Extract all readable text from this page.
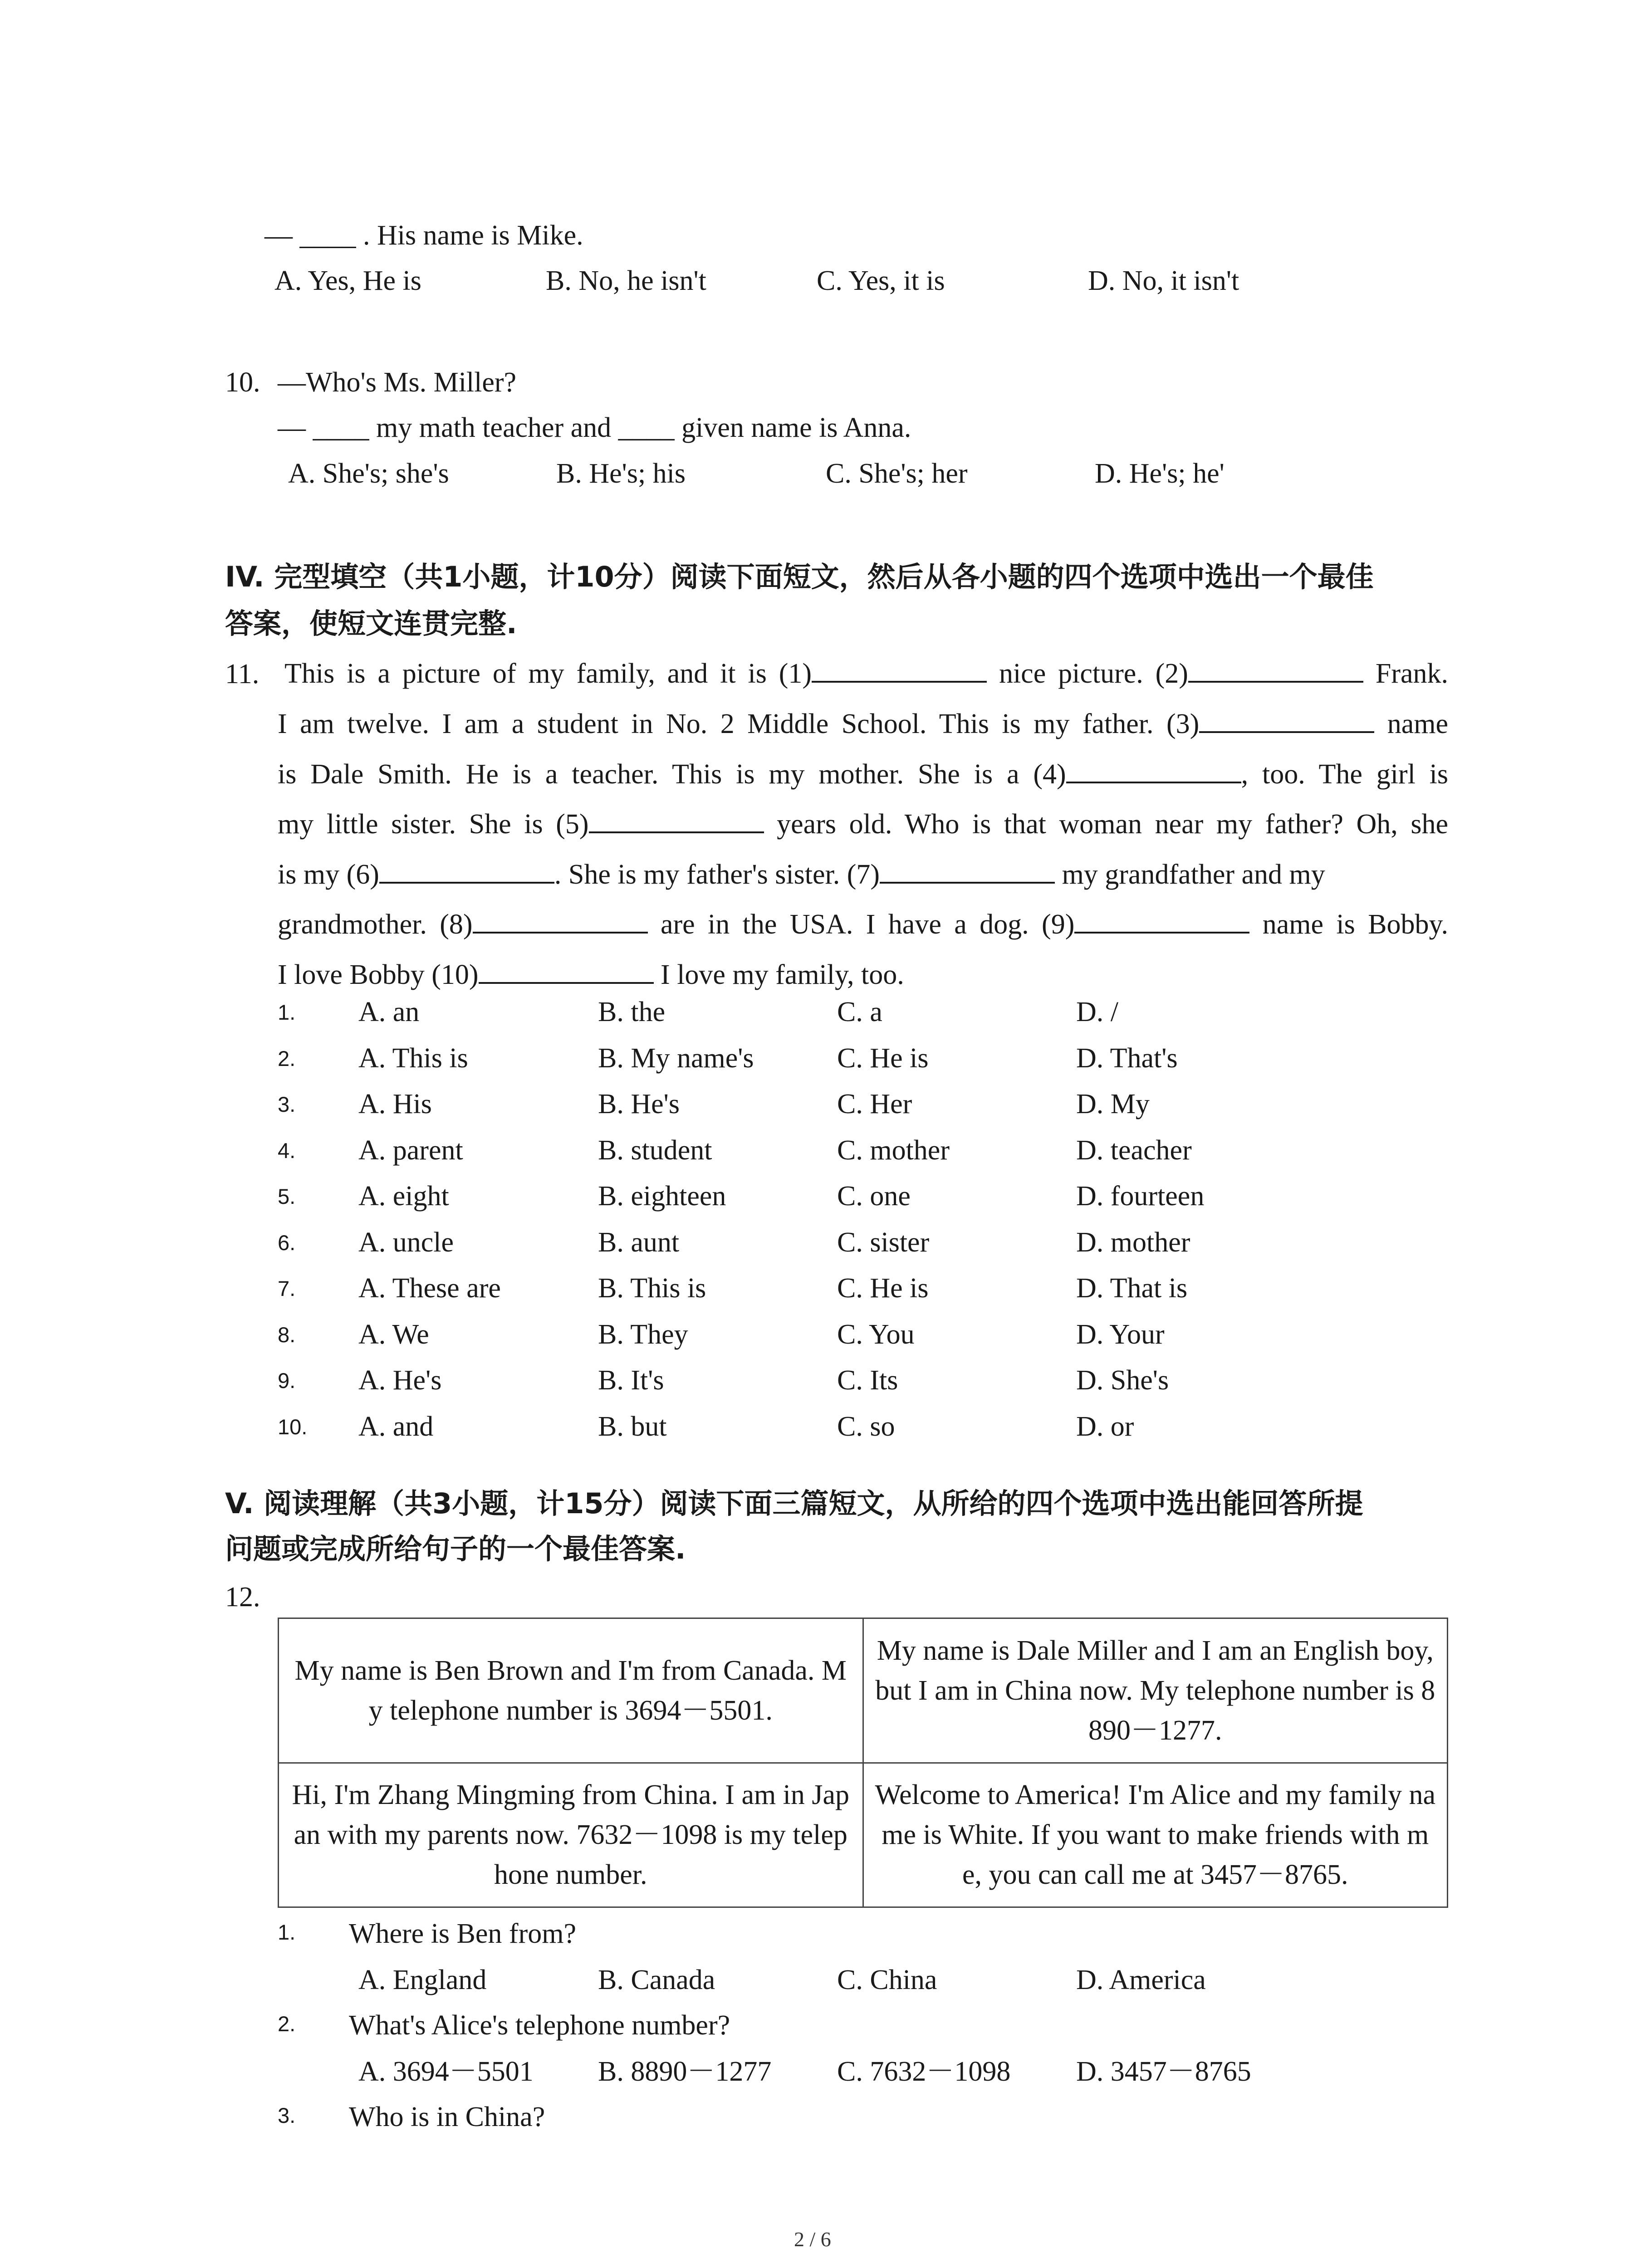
— ____ . His name is Mike.
A. Yes, He is	B. No, he isn't	C. Yes, it is	D. No, it isn't
10. —Who's Ms. Miller?
— ____ my math teacher and ____ given name is Anna.
A. She's; she's	B. He's; his	C. She's; her	D. He's; he'
IV. 完型填空（共1小题，计10分）阅读下面短文，然后从各小题的四个选项中选出一个最佳
答案，使短文连贯完整.
11. This is a picture of my family, and it is (1)	nice picture. (2)	Frank.
I am twelve. I am a student in No. 2 Middle School. This is my father. (3)	name
is Dale Smith. He is a teacher. This is my mother. She is a (4)	, too. The girl is
my little sister. She is (5)	years old. Who is that woman near my father? Oh, she
is my (6)	. She is my father's sister. (7)	my grandfather and my
grandmother. (8)	are in the USA. I have a dog. (9)	name is Bobby.
I love Bobby (10)	I love my family, too.
1. A. an	B. the	C. a	D. /
2. A. This is	B. My name's	C. He is	D. That's
3. A. His	B. He's	C. Her	D. My
4. A. parent	B. student	C. mother	D. teacher
5. A. eight	B. eighteen	C. one	D. fourteen
6. A. uncle	B. aunt	C. sister	D. mother
7. A. These are	B. This is	C. He is	D. That is
8. A. We	B. They	C. You	D. Your
9. A. He's	B. It's	C. Its	D. She's
10. A. and	B. but	C. so	D. or
V. 阅读理解（共3小题，计15分）阅读下面三篇短文，从所给的四个选项中选出能回答所提
问题或完成所给句子的一个最佳答案.
12.
My name is Ben Brown and I'm from Canada. My telephone number is 3694－5501.	My name is Dale Miller and I am an English boy, but I am in China now. My telephone number is 8890－1277.
Hi, I'm Zhang Mingming from China. I am in Japan with my parents now. 7632－1098 is my telephone number.	Welcome to America! I'm Alice and my family name is White. If you want to make friends with me, you can call me at 3457－8765.
1. Where is Ben from?
A. England	B. Canada	C. China	D. America
2. What's Alice's telephone number?
A. 3694－5501 B. 8890－1277 C. 7632－1098 D. 3457－8765
3. Who is in China?
2 / 6
